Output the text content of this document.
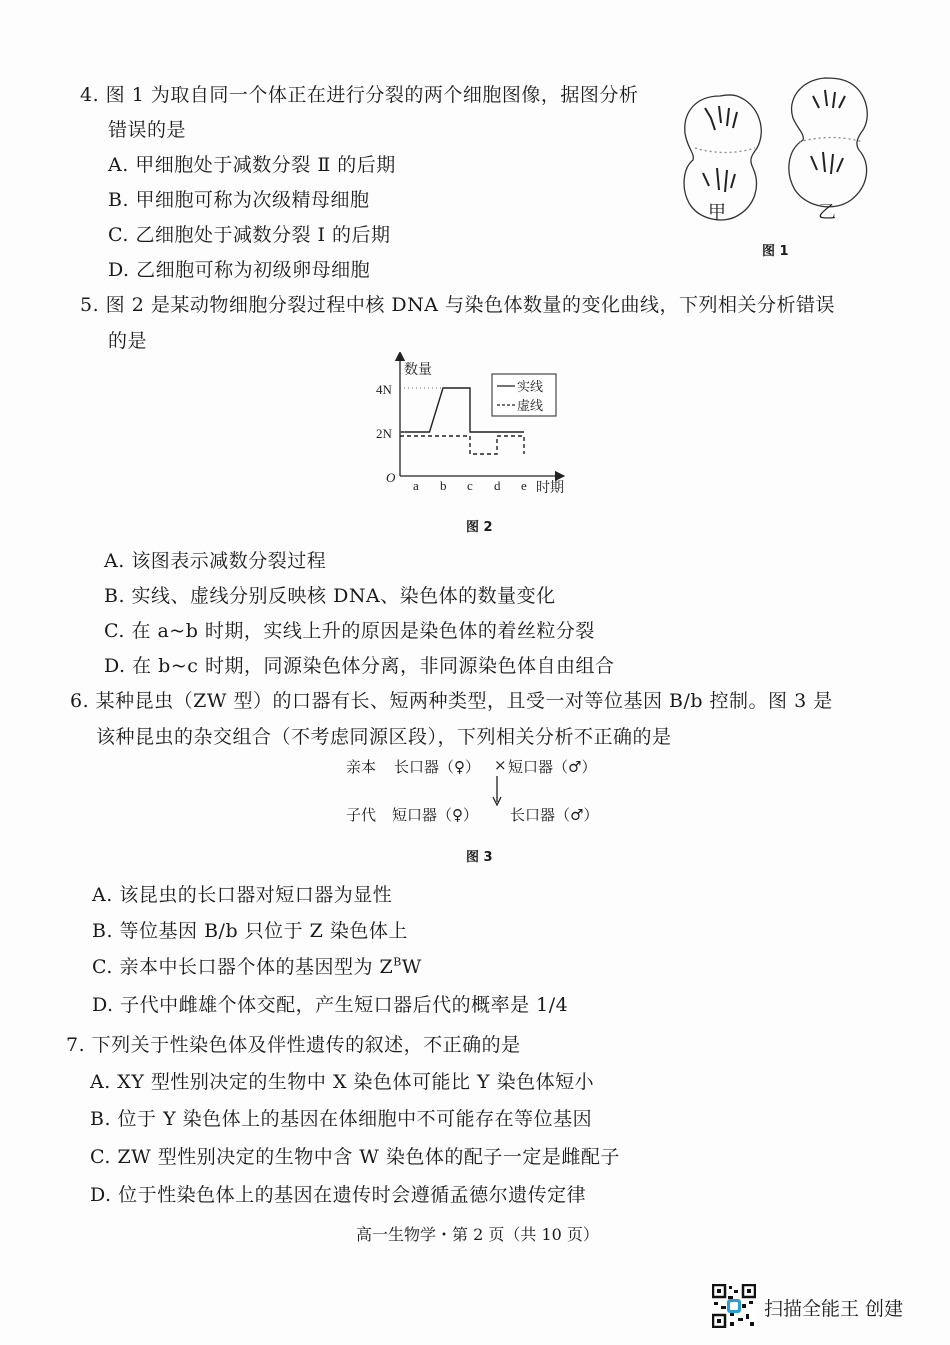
4. 图 1 为取自同一个体正在进行分裂的两个细胞图像，据图分析
错误的是
A. 甲细胞处于减数分裂 Ⅱ 的后期
B. 甲细胞可称为次级精母细胞
C. 乙细胞处于减数分裂 Ⅰ 的后期
D. 乙细胞可称为初级卵母细胞
甲	乙
图 1
5. 图 2 是某动物细胞分裂过程中核 DNA 与染色体数量的变化曲线，下列相关分析错误
的是
数量
时期
O
4N
2N
a b c d e
实线
虚线
图 2
A. 该图表示减数分裂过程
B. 实线、虚线分别反映核 DNA、染色体的数量变化
C. 在 a~b 时期，实线上升的原因是染色体的着丝粒分裂
D. 在 b~c 时期，同源染色体分离，非同源染色体自由组合
6. 某种昆虫（ZW 型）的口器有长、短两种类型，且受一对等位基因 B/b 控制。图 3 是
该种昆虫的杂交组合（不考虑同源区段），下列相关分析不正确的是
亲本 长口器（♀） × 短口器（♂）
子代 短口器（♀） 长口器（♂）
图 3
A. 该昆虫的长口器对短口器为显性
B. 等位基因 B/b 只位于 Z 染色体上
C. 亲本中长口器个体的基因型为 $Z^BW$
D. 子代中雌雄个体交配，产生短口器后代的概率是 1/4
7. 下列关于性染色体及伴性遗传的叙述，不正确的是
A. XY 型性别决定的生物中 X 染色体可能比 Y 染色体短小
B. 位于 Y 染色体上的基因在体细胞中不可能存在等位基因
C. ZW 型性别决定的生物中含 W 染色体的配子一定是雌配子
D. 位于性染色体上的基因在遗传时会遵循孟德尔遗传定律
高一生物学・第 2 页（共 10 页）
扫描全能王 创建
